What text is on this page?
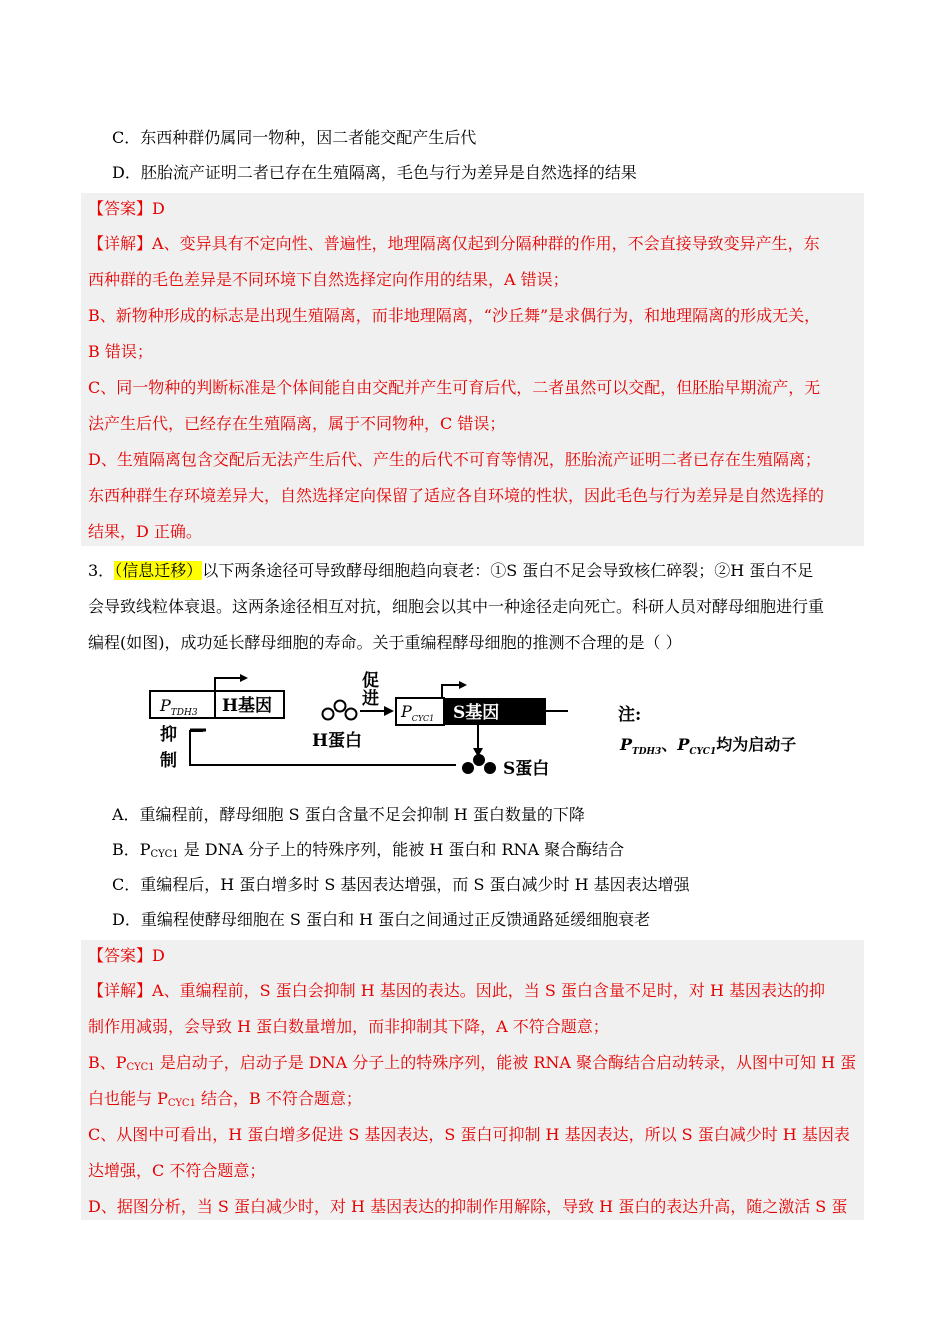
C．东西种群仍属同一物种，因二者能交配产生后代
D．胚胎流产证明二者已存在生殖隔离，毛色与行为差异是自然选择的结果
【答案】D
【详解】A、变异具有不定向性、普遍性，地理隔离仅起到分隔种群的作用，不会直接导致变异产生，东
西种群的毛色差异是不同环境下自然选择定向作用的结果，A 错误；
B、新物种形成的标志是出现生殖隔离，而非地理隔离，“沙丘舞”是求偶行为，和地理隔离的形成无关，
B 错误；
C、同一物种的判断标准是个体间能自由交配并产生可育后代，二者虽然可以交配，但胚胎早期流产，无
法产生后代，已经存在生殖隔离，属于不同物种，C 错误；
D、生殖隔离包含交配后无法产生后代、产生的后代不可育等情况，胚胎流产证明二者已存在生殖隔离；
东西种群生存环境差异大，自然选择定向保留了适应各自环境的性状，因此毛色与行为差异是自然选择的
结果，D 正确。
3．（信息迁移）以下两条途径可导致酵母细胞趋向衰老：①S 蛋白不足会导致核仁碎裂；②H 蛋白不足
会导致线粒体衰退。这两条途径相互对抗，细胞会以其中一种途径走向死亡。科研人员对酵母细胞进行重
编程(如图)，成功延长酵母细胞的寿命。关于重编程酵母细胞的推测不合理的是（ ）
$P_{TDH3}$ H基因
H蛋白
促
进
$P_{CYC1}$ S基因
S蛋白
抑
制
注:
$P_{TDH3}$、$P_{CYC1}$均为启动子
A．重编程前，酵母细胞 S 蛋白含量不足会抑制 H 蛋白数量的下降
B．$P_{CYC1}$ 是 DNA 分子上的特殊序列，能被 H 蛋白和 RNA 聚合酶结合
C．重编程后，H 蛋白增多时 S 基因表达增强，而 S 蛋白减少时 H 基因表达增强
D．重编程使酵母细胞在 S 蛋白和 H 蛋白之间通过正反馈通路延缓细胞衰老
【答案】D
【详解】A、重编程前，S 蛋白会抑制 H 基因的表达。因此，当 S 蛋白含量不足时，对 H 基因表达的抑
制作用减弱，会导致 H 蛋白数量增加，而非抑制其下降，A 不符合题意；
B、$P_{CYC1}$ 是启动子，启动子是 DNA 分子上的特殊序列，能被 RNA 聚合酶结合启动转录，从图中可知 H 蛋
白也能与 $P_{CYC1}$ 结合，B 不符合题意；
C、从图中可看出，H 蛋白增多促进 S 基因表达，S 蛋白可抑制 H 基因表达，所以 S 蛋白减少时 H 基因表
达增强，C 不符合题意；
D、据图分析，当 S 蛋白减少时，对 H 基因表达的抑制作用解除，导致 H 蛋白的表达升高，随之激活 S 蛋
